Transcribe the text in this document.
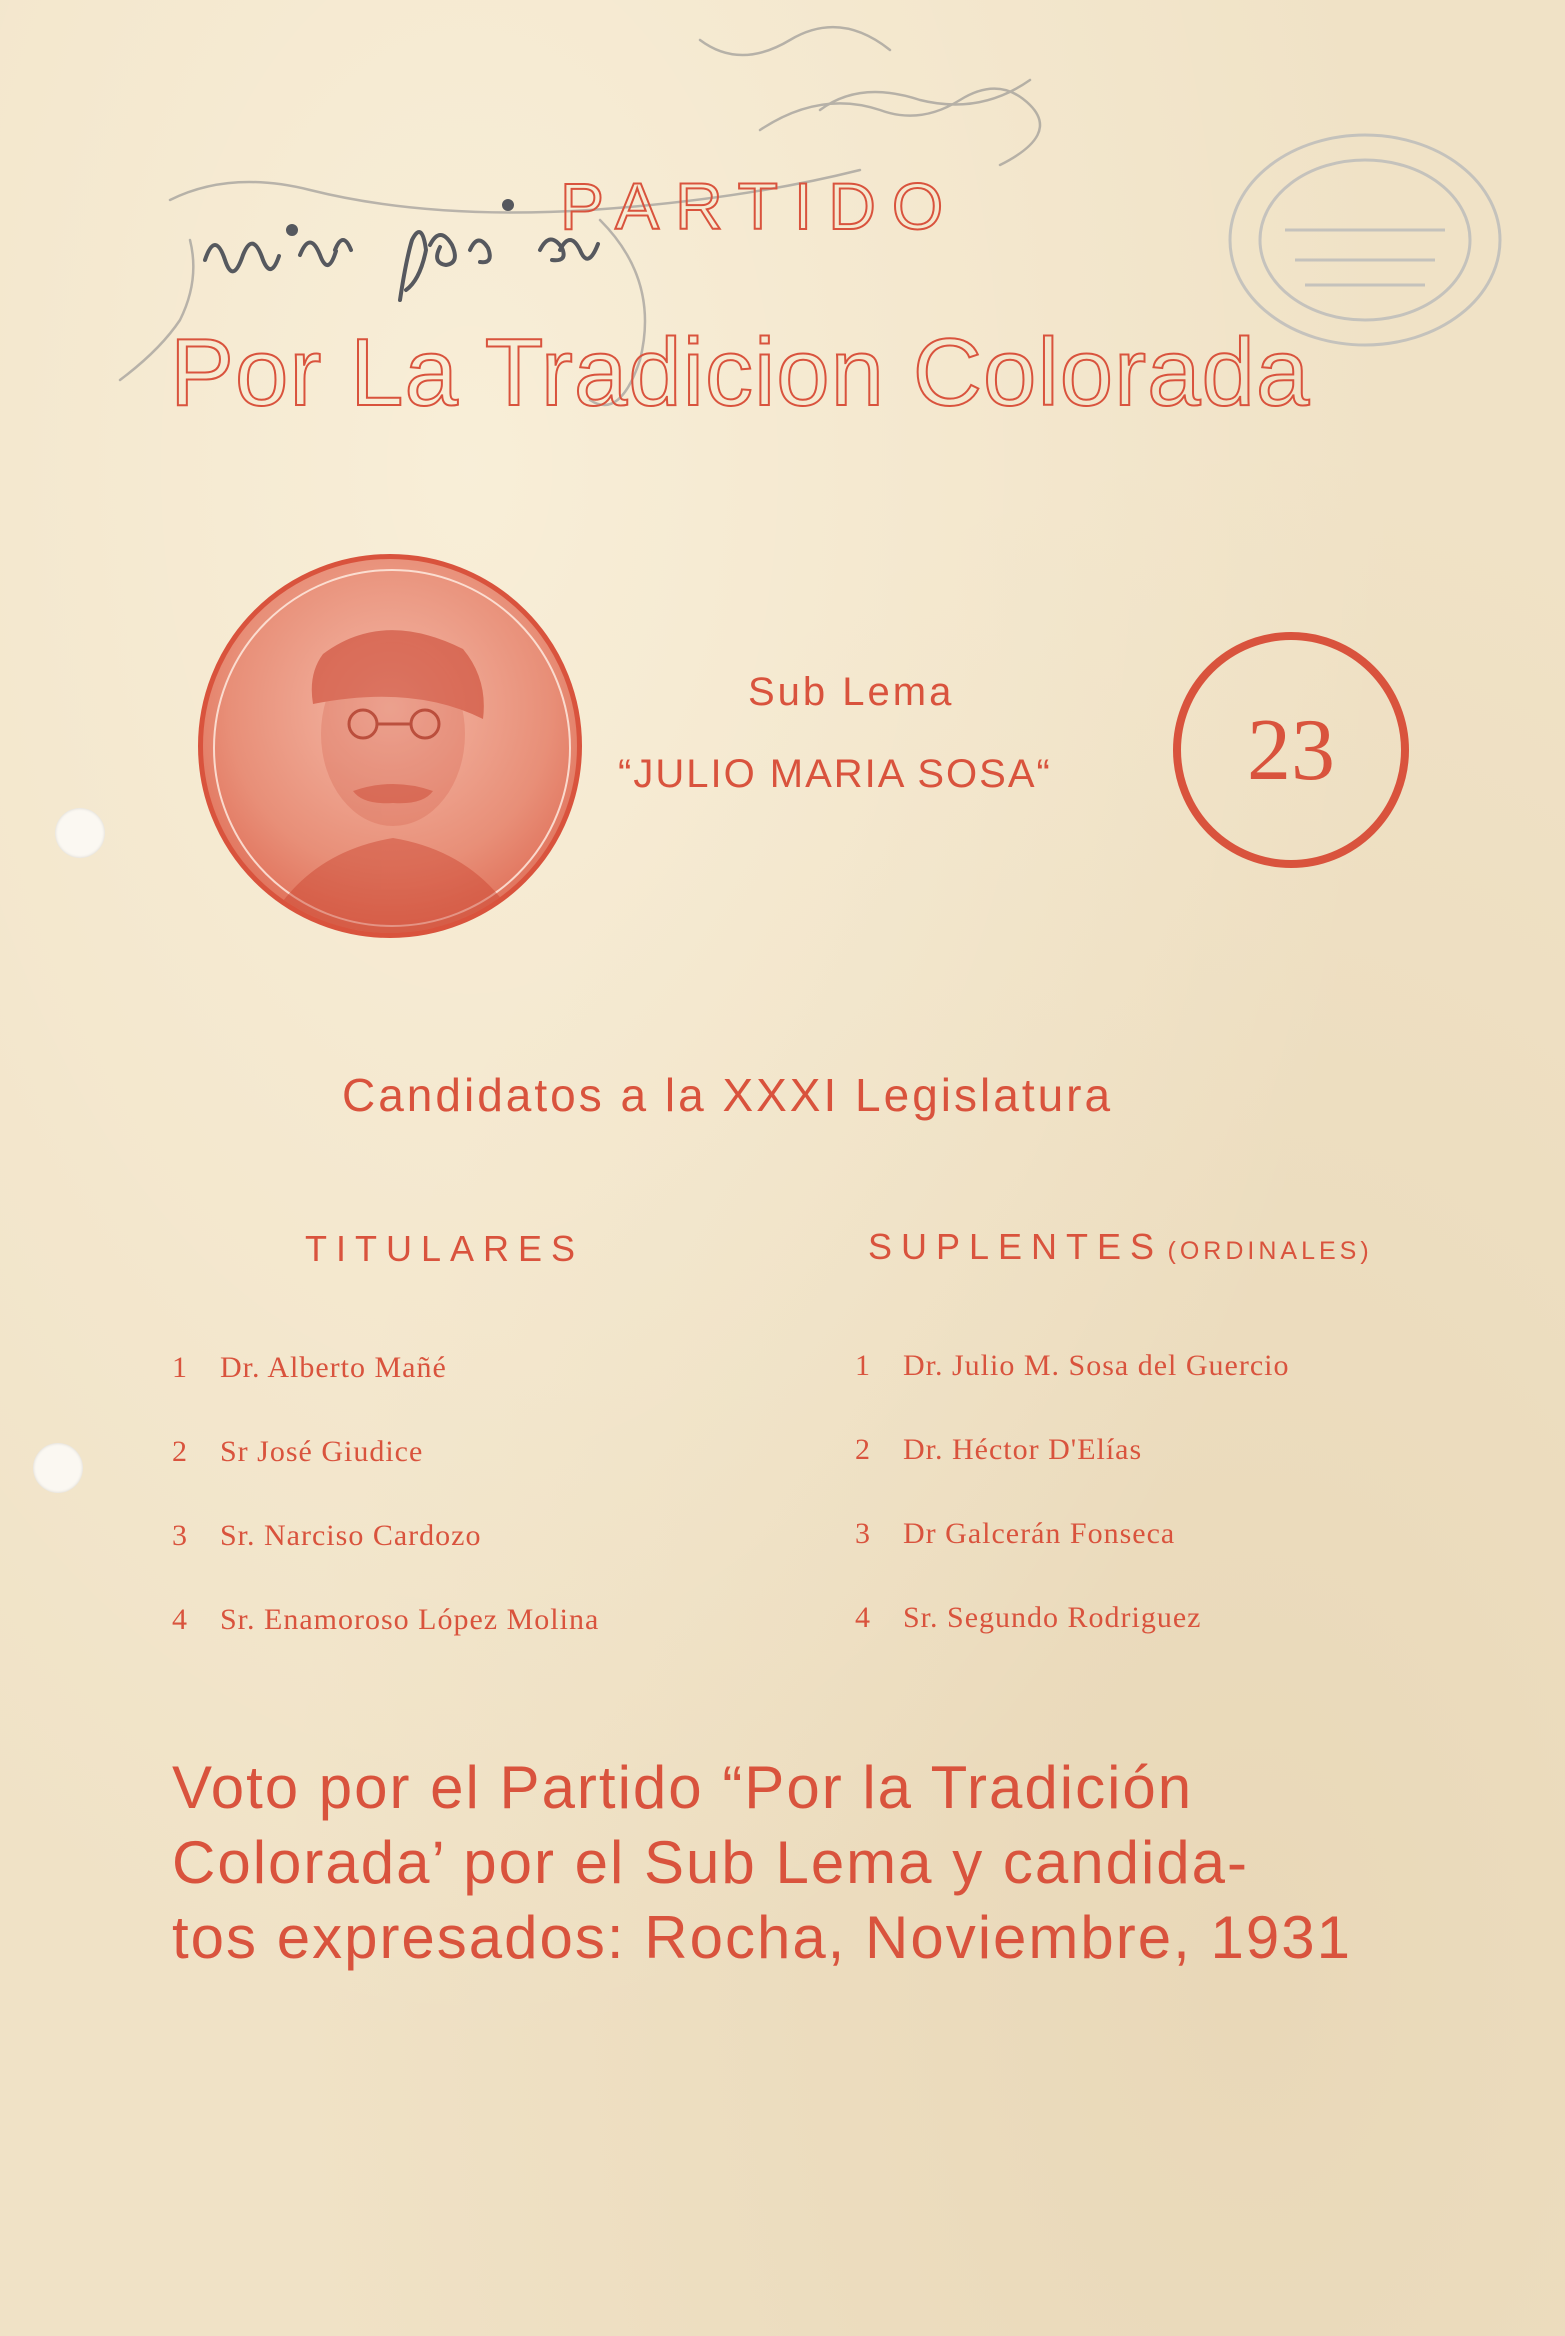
PARTIDO
Por La Tradicion Colorada
Sub Lema
“JULIO MARIA SOSA“ 23
Candidatos a la XXXI Legislatura
TITULARES	SUPLENTES (ORDINALES)
1	Dr. Alberto Mañé
2	Sr José Giudice
3	Sr. Narciso Cardozo
4	Sr. Enamoroso López Molina
1	Dr. Julio M. Sosa del Guercio
2	Dr. Héctor D'Elías
3	Dr Galcerán Fonseca
4	Sr. Segundo Rodriguez
Voto por el Partido “Por la Tradición
Colorada’ por el Sub Lema y candida-
tos expresados: Rocha, Noviembre, 1931
